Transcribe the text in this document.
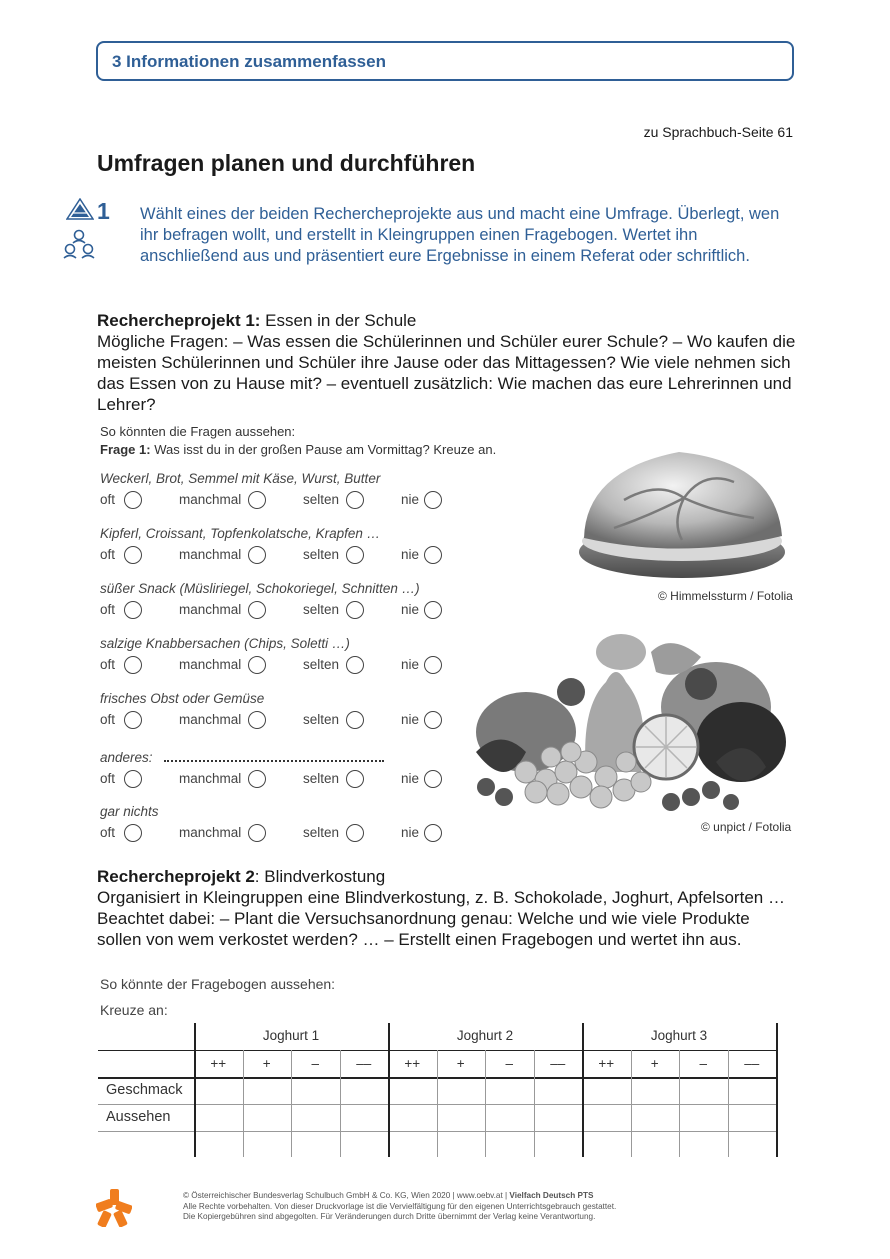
3 Informationen zusammenfassen
zu Sprachbuch-Seite 61
Umfragen planen und durchführen

1 Wählt eines der beiden Rechercheprojekte aus und macht eine Umfrage. Überlegt, wen ihr befragen wollt, und erstellt in Kleingruppen einen Fragebogen. Wertet ihn anschließend aus und präsentiert eure Ergebnisse in einem Referat oder schriftlich.
Rechercheprojekt 1: Essen in der Schule
Mögliche Fragen: – Was essen die Schülerinnen und Schüler eurer Schule? – Wo kaufen die meisten Schülerinnen und Schüler ihre Jause oder das Mittagessen? Wie viele nehmen sich das Essen von zu Hause mit? – eventuell zusätzlich: Wie machen das eure Lehrerinnen und Lehrer?
So könnten die Fragen aussehen:
Frage 1: Was isst du in der großen Pause am Vormittag? Kreuze an.
Weckerl, Brot, Semmel mit Käse, Wurst, Butter
oft	manchmal	selten	nie
Kipferl, Croissant, Topfenkolatsche, Krapfen …
oft	manchmal	selten	nie
süßer Snack (Müsliriegel, Schokoriegel, Schnitten …)
oft	manchmal	selten	nie
salzige Knabbersachen (Chips, Soletti …)
oft	manchmal	selten	nie
frisches Obst oder Gemüse
oft	manchmal	selten	nie
anderes:
oft	manchmal	selten	nie
gar nichts
oft	manchmal	selten	nie
© Himmelssturm / Fotolia
© unpict / Fotolia
Rechercheprojekt 2: Blindverkostung
Organisiert in Kleingruppen eine Blindverkostung, z. B. Schokolade, Joghurt, Apfelsorten … Beachtet dabei: – Plant die Versuchsanordnung genau: Welche und wie viele Produkte sollen von wem verkostet werden? … – Erstellt einen Fragebogen und wertet ihn aus.
So könnte der Fragebogen aussehen:
Kreuze an:
Joghurt 1	Joghurt 2	Joghurt 3
++	+	–	––	++	+	–	––	++	+	–	––
Geschmack
Aussehen
© Österreichischer Bundesverlag Schulbuch GmbH & Co. KG, Wien 2020 | www.oebv.at | Vielfach Deutsch PTS
Alle Rechte vorbehalten. Von dieser Druckvorlage ist die Vervielfältigung für den eigenen Unterrichtsgebrauch gestattet.
Die Kopiergebühren sind abgegolten. Für Veränderungen durch Dritte übernimmt der Verlag keine Verantwortung.
